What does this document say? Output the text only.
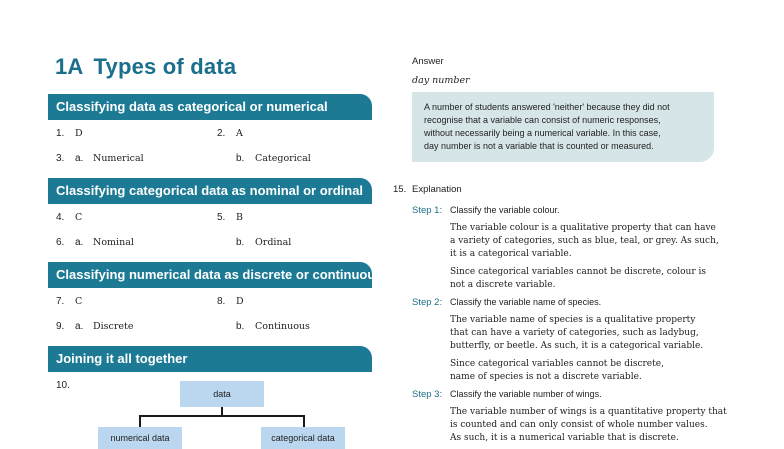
1A Types of data
Classifying data as categorical or numerical
1. D	2. A
3. a. Numerical	b. Categorical
Classifying categorical data as nominal or ordinal
4. C	5. B
6. a. Nominal	b. Ordinal
Classifying numerical data as discrete or continuous
7. C	8. D
9. a. Discrete	b. Continuous
Joining it all together
10.
data
numerical data	categorical data
Answer
day number

A number of students answered 'neither' because they did not

recognise that a variable can consist of numeric responses,

without necessarily being a numerical variable. In this case,

day number is not a variable that is counted or measured.

15. Explanation
Step 1: Classify the variable colour.
The variable colour is a qualitative property that can have
a variety of categories, such as blue, teal, or grey. As such,
it is a categorical variable.
Since categorical variables cannot be discrete, colour is
not a discrete variable.
Step 2: Classify the variable name of species.
The variable name of species is a qualitative property
that can have a variety of categories, such as ladybug,
butterfly, or beetle. As such, it is a categorical variable.
Since categorical variables cannot be discrete,
name of species is not a discrete variable.
Step 3: Classify the variable number of wings.
The variable number of wings is a quantitative property that
is counted and can only consist of whole number values.
As such, it is a numerical variable that is discrete.
